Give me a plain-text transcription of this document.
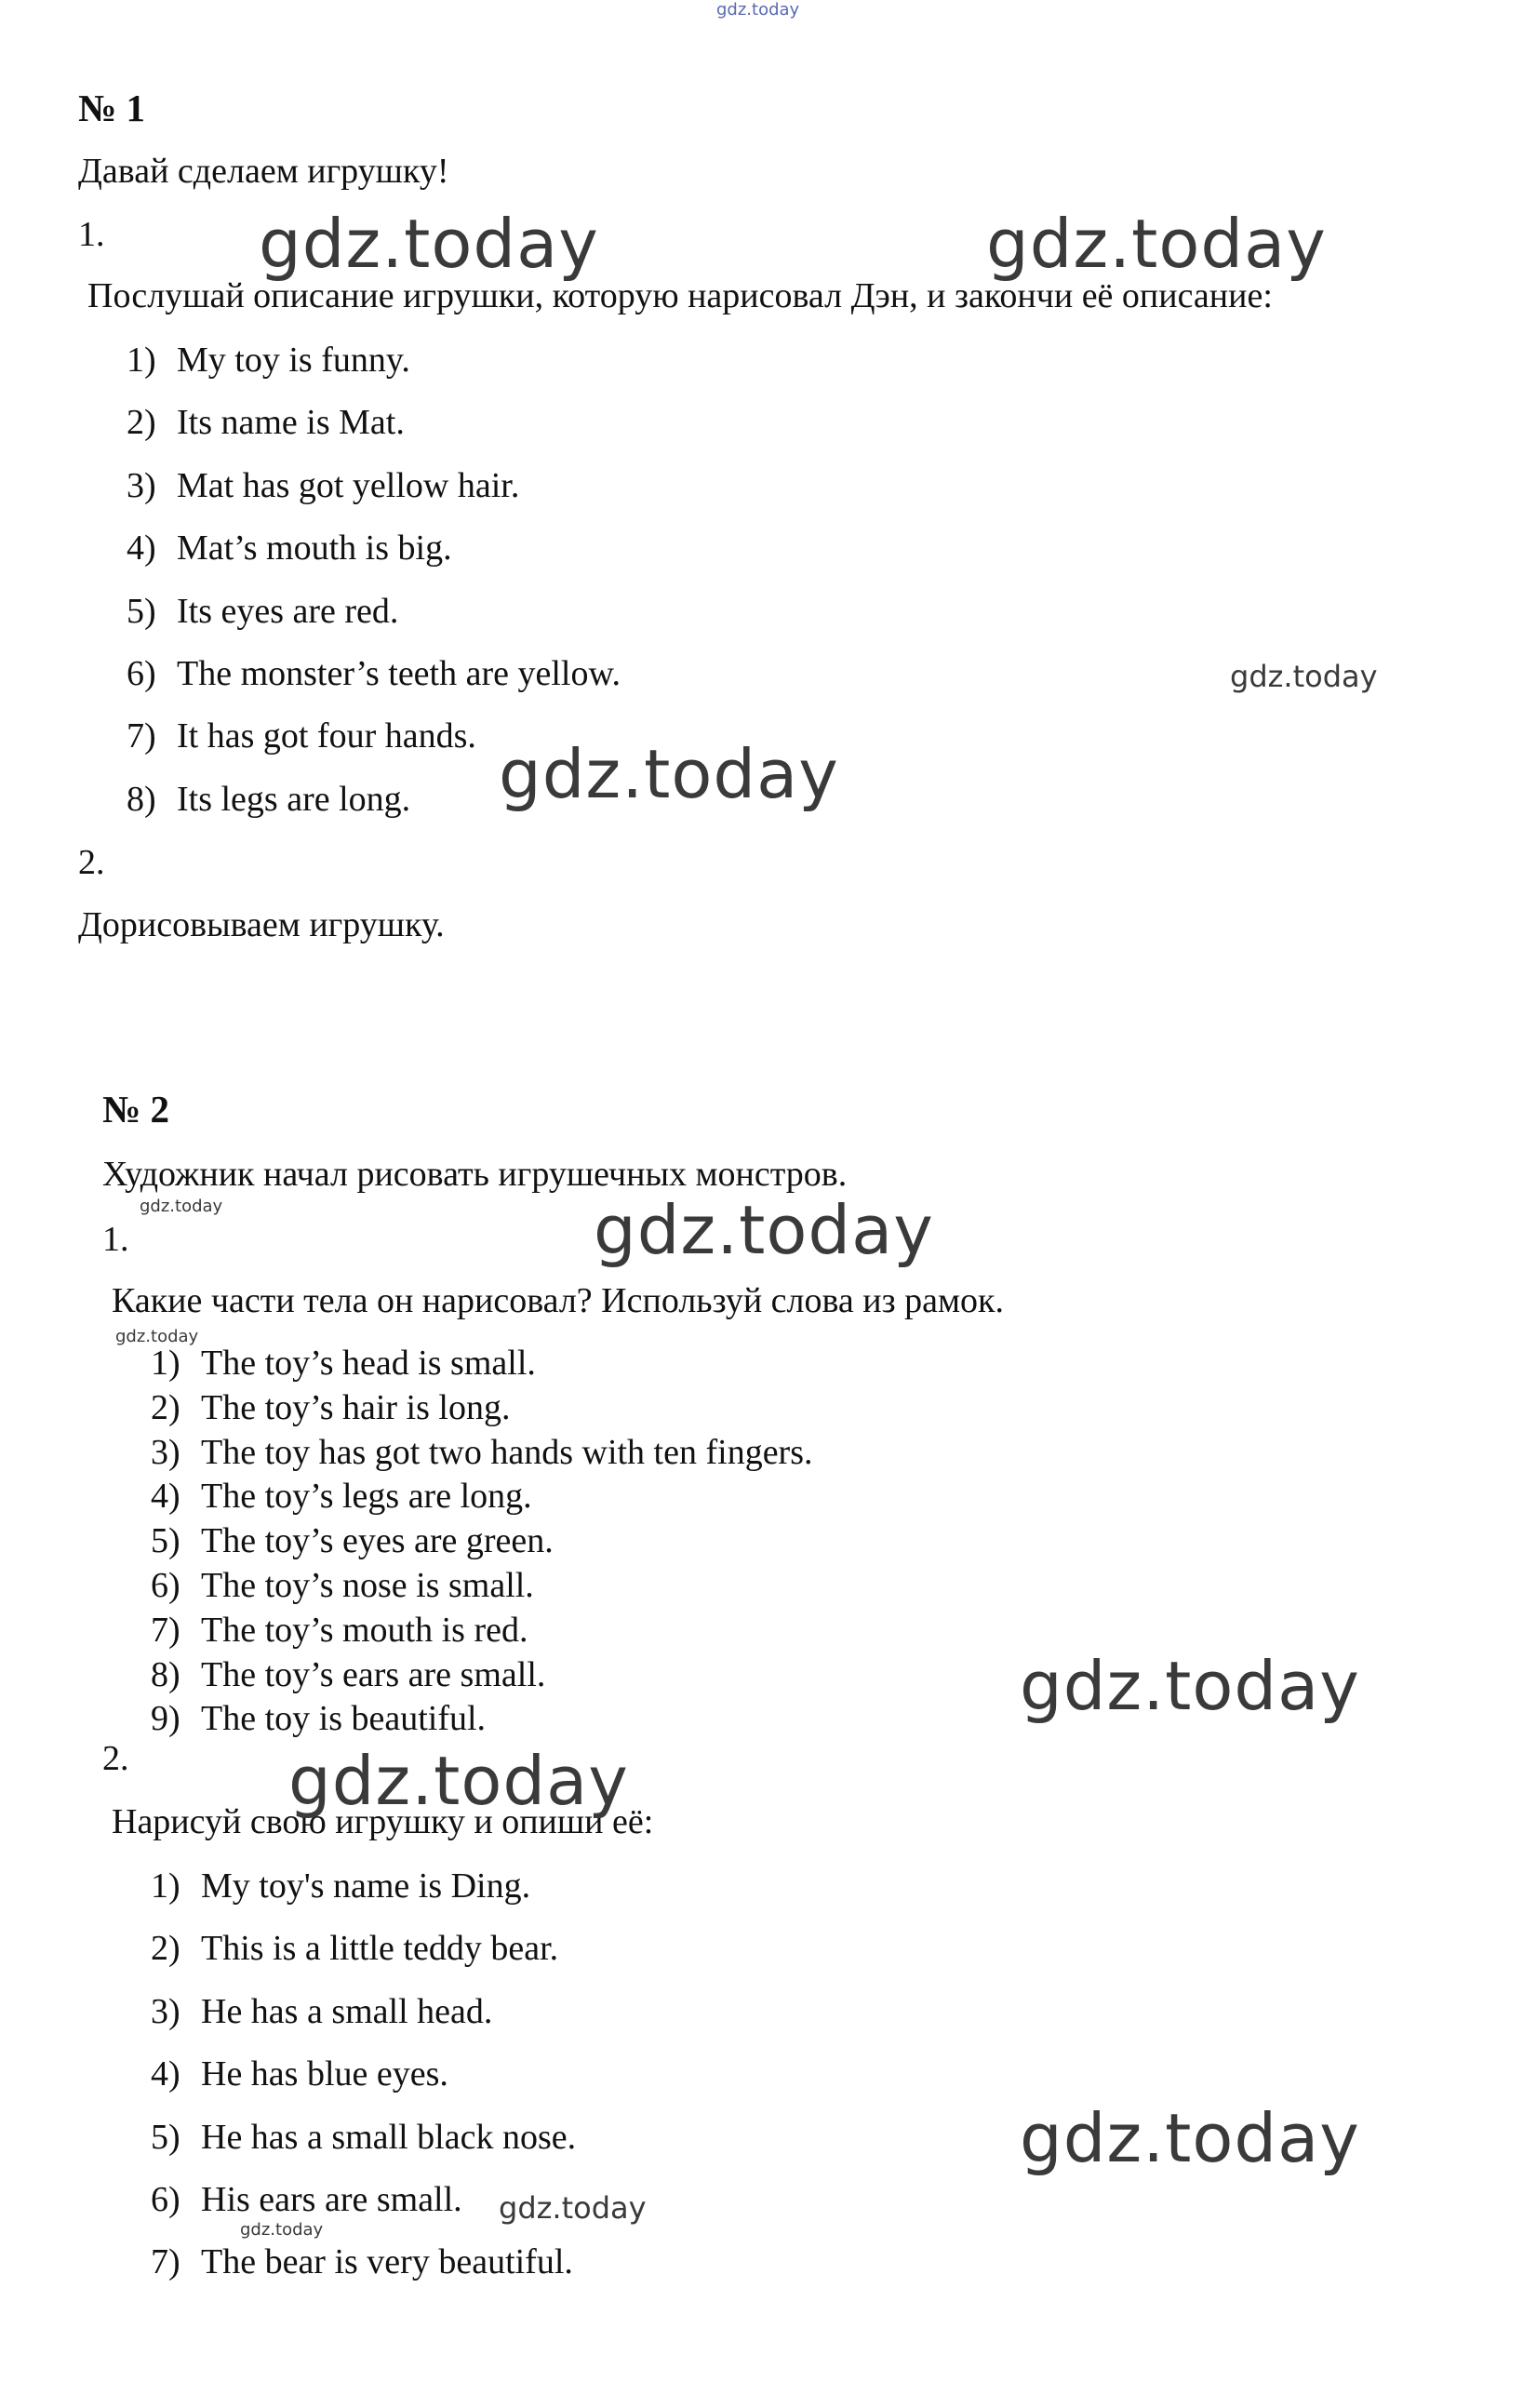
gdz.today
№ 1
Давай сделаем игрушку!
1.
Послушай описание игрушки, которую нарисовал Дэн, и закончи её описание:
1) My toy is funny.
2) Its name is Mat.
3) Mat has got yellow hair.
4) Mat’s mouth is big.
5) Its eyes are red.
6) The monster’s teeth are yellow.
7) It has got four hands.
8) Its legs are long.
2.
Дорисовываем игрушку.
№ 2
Художник начал рисовать игрушечных монстров.
1.
Какие части тела он нарисовал? Используй слова из рамок.
1) The toy’s head is small.
2) The toy’s hair is long.
3) The toy has got two hands with ten fingers.
4) The toy’s legs are long.
5) The toy’s eyes are green.
6) The toy’s nose is small.
7) The toy’s mouth is red.
8) The toy’s ears are small.
9) The toy is beautiful.
2.
Нарисуй свою игрушку и опиши её:
1) My toy's name is Ding.
2) This is a little teddy bear.
3) He has a small head.
4) He has blue eyes.
5) He has a small black nose.
6) His ears are small.
7) The bear is very beautiful.
gdz.today	gdz.today
gdz.today
gdz.today
gdz.today	gdz.today
gdz.today
gdz.today
gdz.today
gdz.today
gdz.today
gdz.today
